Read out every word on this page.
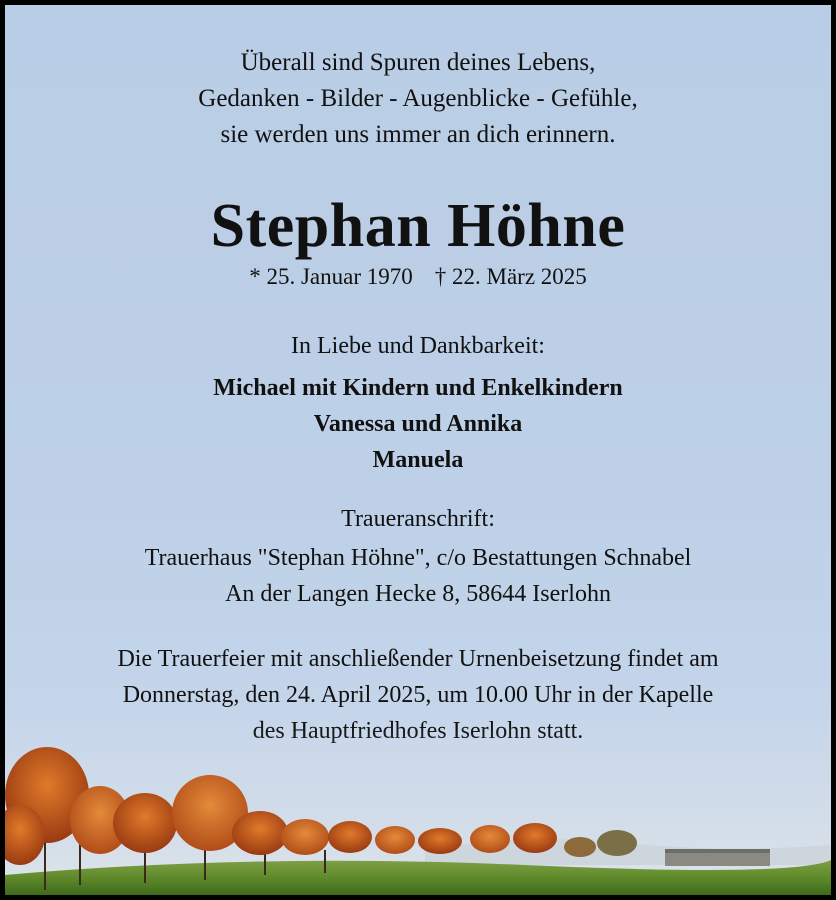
Überall sind Spuren deines Lebens,
Gedanken - Bilder - Augenblicke - Gefühle,
sie werden uns immer an dich erinnern.
Stephan Höhne
* 25. Januar 1970 † 22. März 2025
In Liebe und Dankbarkeit:
Michael mit Kindern und Enkelkindern
Vanessa und Annika
Manuela
Traueranschrift:
Trauerhaus "Stephan Höhne", c/o Bestattungen Schnabel
An der Langen Hecke 8, 58644 Iserlohn
Die Trauerfeier mit anschließender Urnenbeisetzung findet am
Donnerstag, den 24. April 2025, um 10.00 Uhr in der Kapelle
